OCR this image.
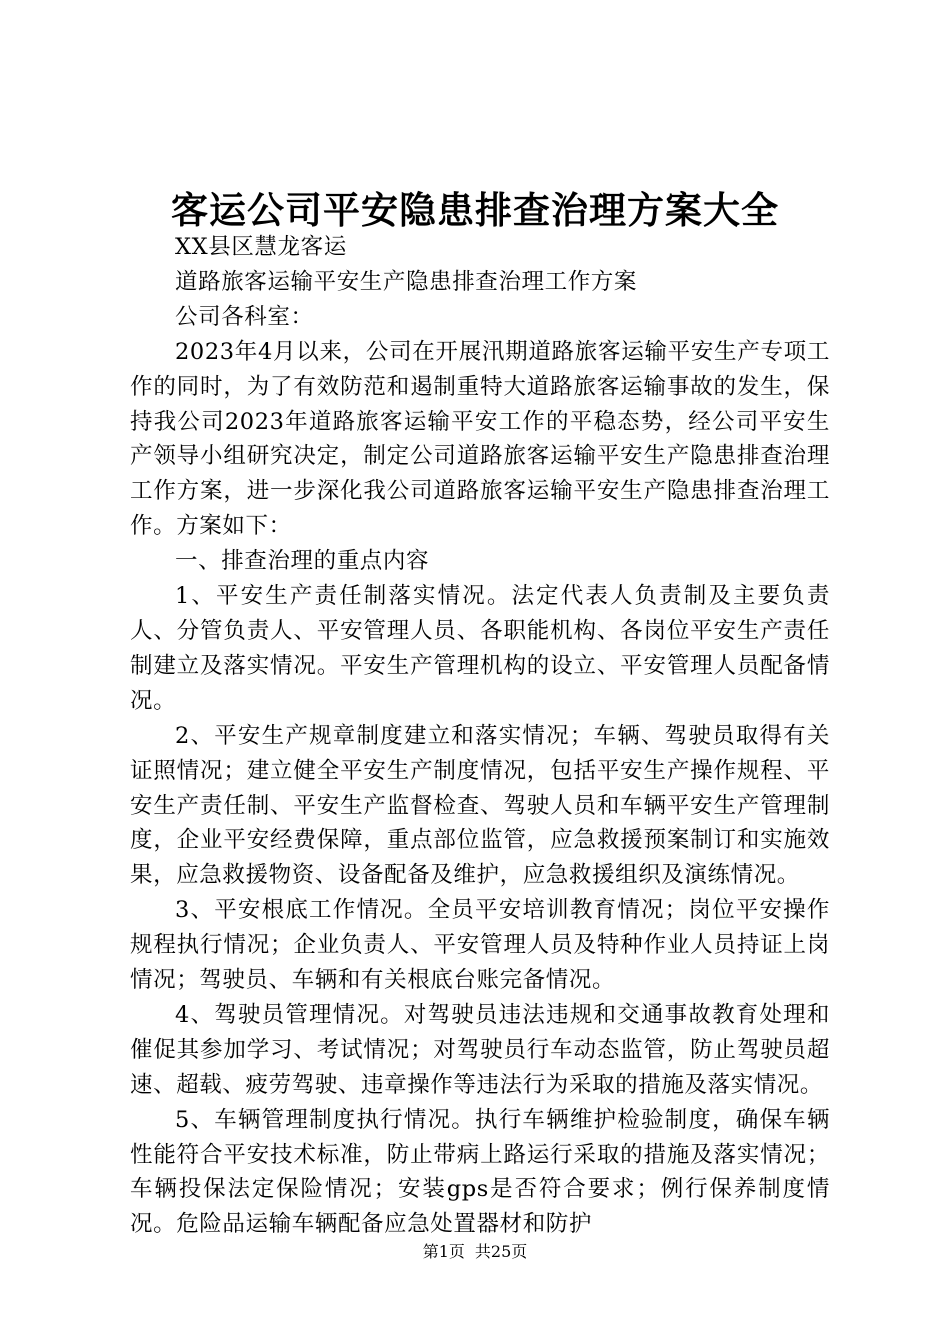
客运公司平安隐患排查治理方案大全

XX县区慧龙客运

道路旅客运输平安生产隐患排查治理工作方案

公司各科室：

2023年4月以来，公司在开展汛期道路旅客运输平安生产专项工作的同时，为了有效防范和遏制重特大道路旅客运输事故的发生，保持我公司2023年道路旅客运输平安工作的平稳态势，经公司平安生产领导小组研究决定，制定公司道路旅客运输平安生产隐患排查治理工作方案，进一步深化我公司道路旅客运输平安生产隐患排查治理工作。方案如下：

一、排查治理的重点内容

1、平安生产责任制落实情况。法定代表人负责制及主要负责人、分管负责人、平安管理人员、各职能机构、各岗位平安生产责任制建立及落实情况。平安生产管理机构的设立、平安管理人员配备情况。

2、平安生产规章制度建立和落实情况；车辆、驾驶员取得有关证照情况；建立健全平安生产制度情况，包括平安生产操作规程、平安生产责任制、平安生产监督检查、驾驶人员和车辆平安生产管理制度，企业平安经费保障，重点部位监管，应急救援预案制订和实施效果，应急救援物资、设备配备及维护，应急救援组织及演练情况。

3、平安根底工作情况。全员平安培训教育情况；岗位平安操作规程执行情况；企业负责人、平安管理人员及特种作业人员持证上岗情况；驾驶员、车辆和有关根底台账完备情况。

4、驾驶员管理情况。对驾驶员违法违规和交通事故教育处理和催促其参加学习、考试情况；对驾驶员行车动态监管，防止驾驶员超速、超载、疲劳驾驶、违章操作等违法行为采取的措施及落实情况。

5、车辆管理制度执行情况。执行车辆维护检验制度，确保车辆性能符合平安技术标准，防止带病上路运行采取的措施及落实情况；车辆投保法定保险情况；安装gps是否符合要求；例行保养制度情况。危险品运输车辆配备应急处置器材和防护

第1页 共25页
